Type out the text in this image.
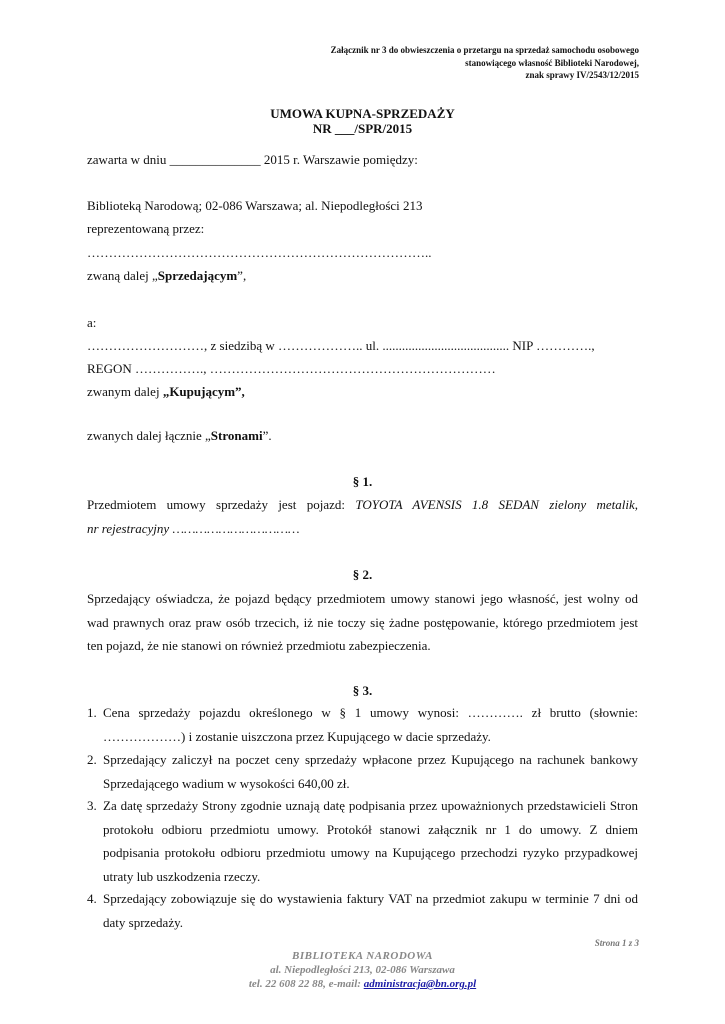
Załącznik nr 3 do obwieszczenia o przetargu na sprzedaż samochodu osobowego
stanowiącego własność Biblioteki Narodowej,
znak sprawy IV/2543/12/2015
UMOWA KUPNA-SPRZEDAŻY
NR ___/SPR/2015
zawarta w dniu ______________ 2015 r. Warszawie pomiędzy:
Biblioteką Narodową; 02-086 Warszawa; al. Niepodległości 213
reprezentowaną przez:
……………………………………………………………………..
zwaną dalej „Sprzedającym”,
a:
………………………, z siedzibą w ……………….. ul. ....................................... NIP ………….,
REGON ……………., …………………………………………………………
zwanym dalej „Kupującym”,
zwanych dalej łącznie „Stronami”.
§ 1.
Przedmiotem umowy sprzedaży jest pojazd: TOYOTA AVENSIS 1.8 SEDAN zielony metalik,
nr rejestracyjny ……………………………
§ 2.
Sprzedający oświadcza, że pojazd będący przedmiotem umowy stanowi jego własność, jest wolny od wad prawnych oraz praw osób trzecich, iż nie toczy się żadne postępowanie, którego przedmiotem jest ten pojazd, że nie stanowi on również przedmiotu zabezpieczenia.
§ 3.
1. Cena sprzedaży pojazdu określonego w § 1 umowy wynosi: …………. zł brutto (słownie: ………………) i zostanie uiszczona przez Kupującego w dacie sprzedaży.
2. Sprzedający zaliczył na poczet ceny sprzedaży wpłacone przez Kupującego na rachunek bankowy Sprzedającego wadium w wysokości 640,00 zł.
3. Za datę sprzedaży Strony zgodnie uznają datę podpisania przez upoważnionych przedstawicieli Stron protokołu odbioru przedmiotu umowy. Protokół stanowi załącznik nr 1 do umowy. Z dniem podpisania protokołu odbioru przedmiotu umowy na Kupującego przechodzi ryzyko przypadkowej utraty lub uszkodzenia rzeczy.
4. Sprzedający zobowiązuje się do wystawienia faktury VAT na przedmiot zakupu w terminie 7 dni od daty sprzedaży.
Strona 1 z 3
BIBLIOTEKA NARODOWA
al. Niepodległości 213, 02-086 Warszawa
tel. 22 608 22 88, e-mail: administracja@bn.org.pl
